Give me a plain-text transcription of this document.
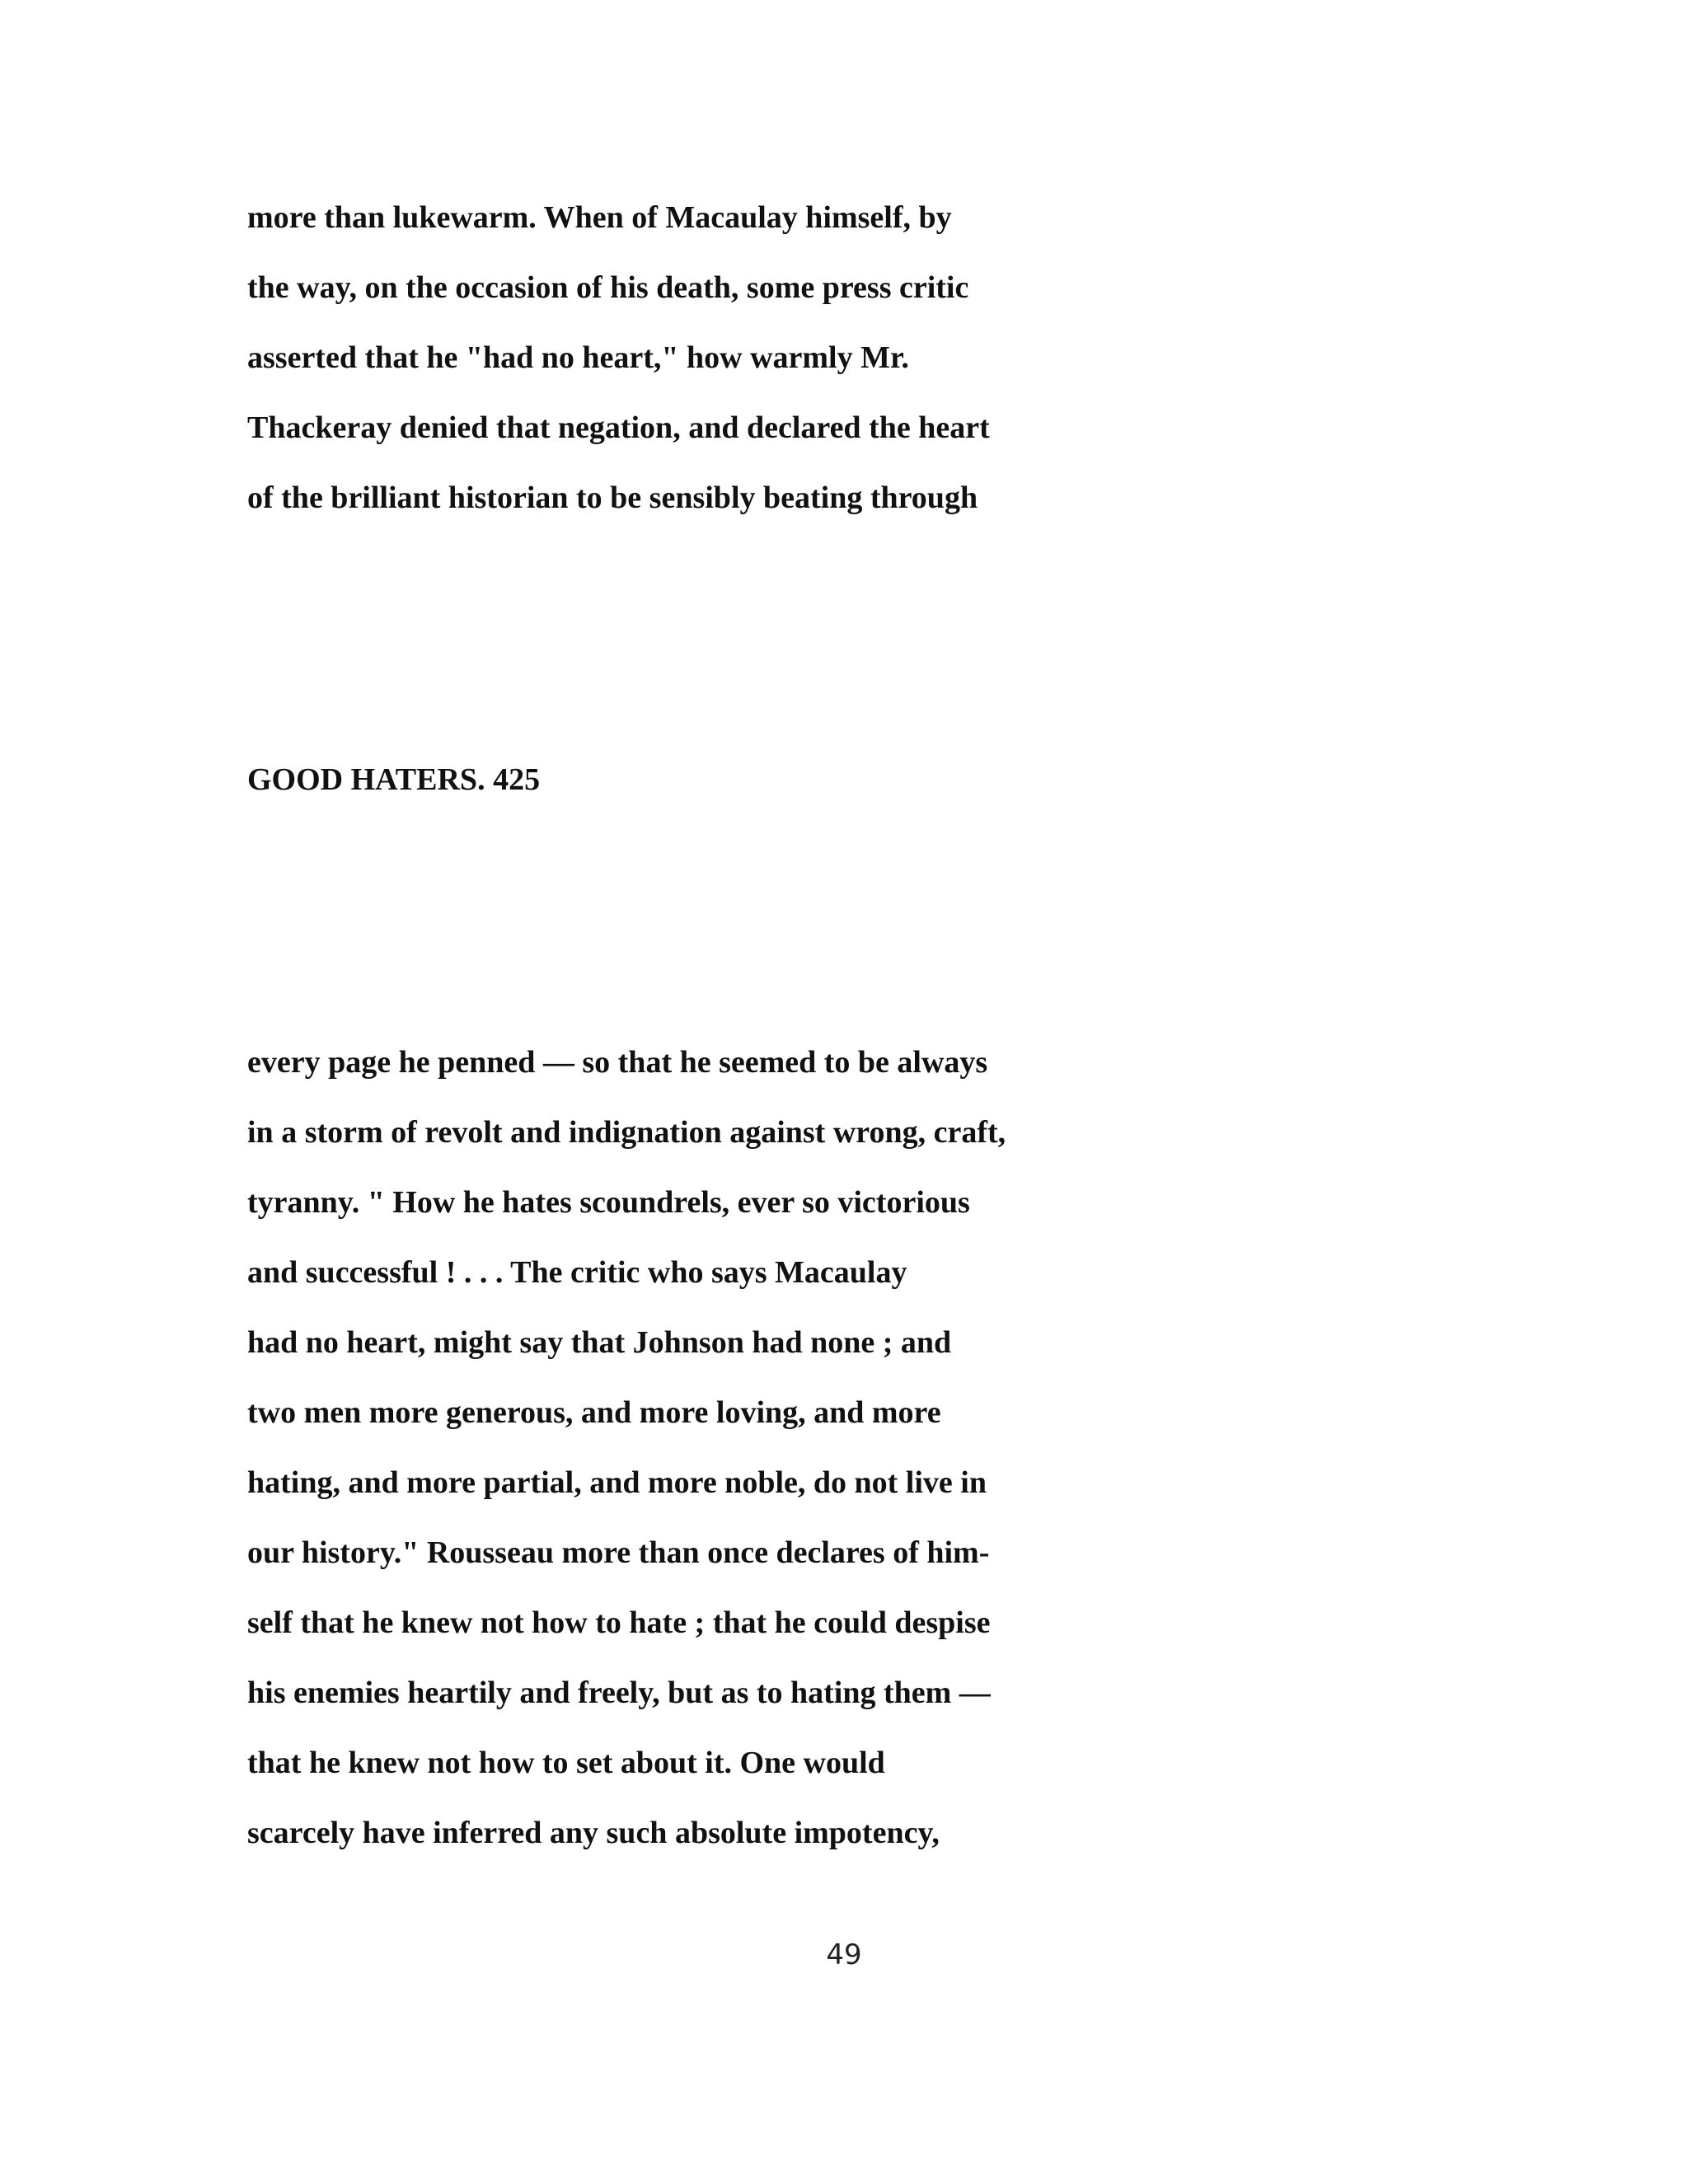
more than lukewarm. When of Macaulay himself, by
the way, on the occasion of his death, some press critic
asserted that he "had no heart," how warmly Mr.
Thackeray denied that negation, and declared the heart
of the brilliant historian to be sensibly beating through
GOOD HATERS. 425
every page he penned — so that he seemed to be always
in a storm of revolt and indignation against wrong, craft,
tyranny. " How he hates scoundrels, ever so victorious
and successful ! . . . The critic who says Macaulay
had no heart, might say that Johnson had none ; and
two men more generous, and more loving, and more
hating, and more partial, and more noble, do not live in
our history." Rousseau more than once declares of him-
self that he knew not how to hate ; that he could despise
his enemies heartily and freely, but as to hating them —
that he knew not how to set about it. One would
scarcely have inferred any such absolute impotency,
49
